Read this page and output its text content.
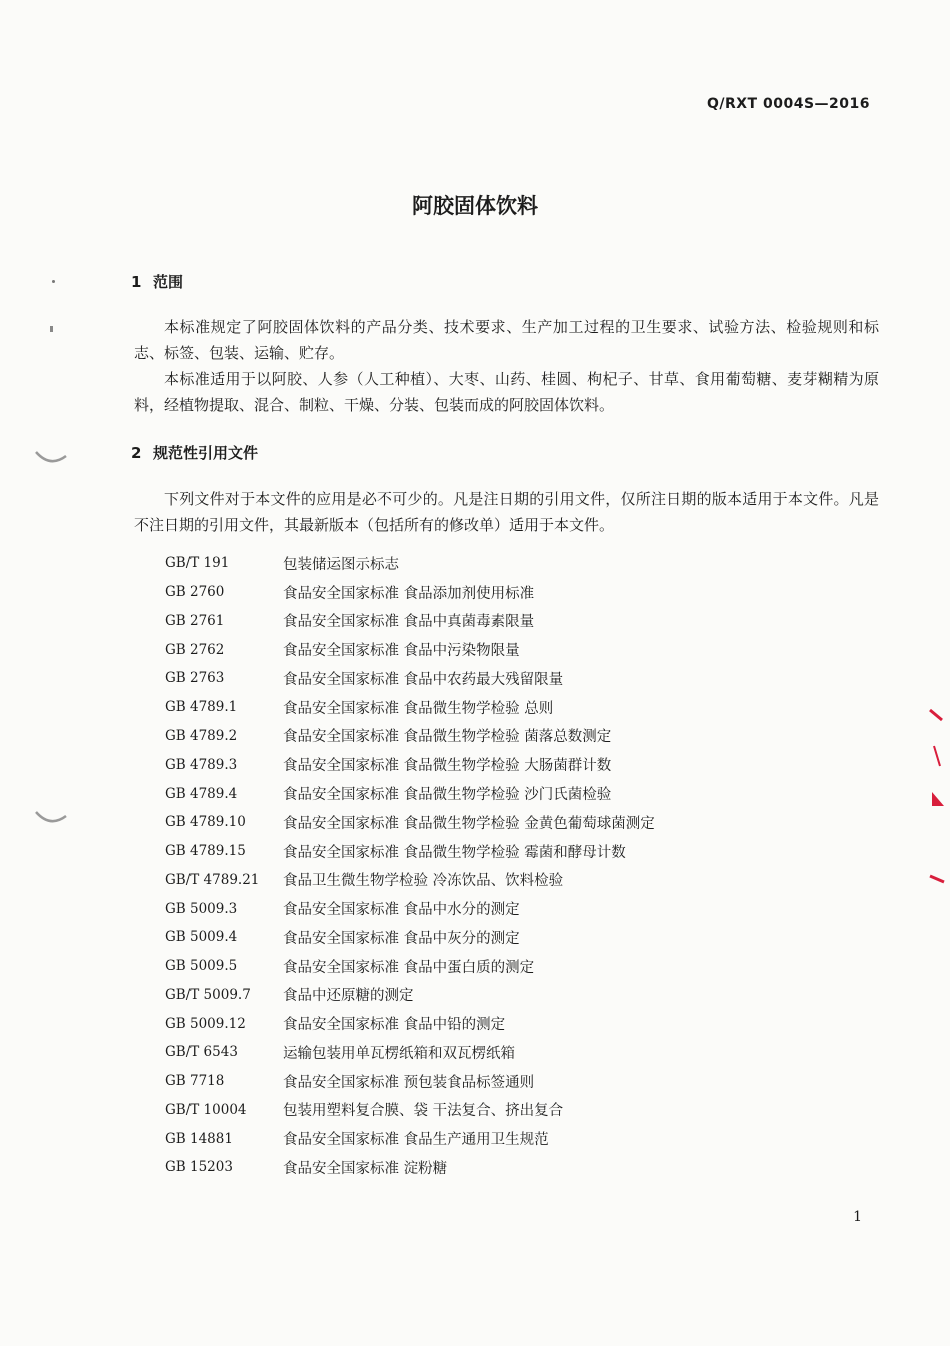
Q/RXT 0004S—2016
阿胶固体饮料
1 范围

本标准规定了阿胶固体饮料的产品分类、技术要求、生产加工过程的卫生要求、试验方法、检验规则和标志、标签、包装、运输、贮存。

本标准适用于以阿胶、人参（人工种植）、大枣、山药、桂圆、枸杞子、甘草、食用葡萄糖、麦芽糊精为原料，经植物提取、混合、制粒、干燥、分装、包装而成的阿胶固体饮料。

2 规范性引用文件

下列文件对于本文件的应用是必不可少的。凡是注日期的引用文件，仅所注日期的版本适用于本文件。凡是不注日期的引用文件，其最新版本（包括所有的修改单）适用于本文件。

GB/T 191	包装储运图示标志
GB 2760	食品安全国家标准 食品添加剂使用标准
GB 2761	食品安全国家标准 食品中真菌毒素限量
GB 2762	食品安全国家标准 食品中污染物限量
GB 2763	食品安全国家标准 食品中农药最大残留限量
GB 4789.1	食品安全国家标准 食品微生物学检验 总则
GB 4789.2	食品安全国家标准 食品微生物学检验 菌落总数测定
GB 4789.3	食品安全国家标准 食品微生物学检验 大肠菌群计数
GB 4789.4	食品安全国家标准 食品微生物学检验 沙门氏菌检验
GB 4789.10	食品安全国家标准 食品微生物学检验 金黄色葡萄球菌测定
GB 4789.15	食品安全国家标准 食品微生物学检验 霉菌和酵母计数
GB/T 4789.21	食品卫生微生物学检验 冷冻饮品、饮料检验
GB 5009.3	食品安全国家标准 食品中水分的测定
GB 5009.4	食品安全国家标准 食品中灰分的测定
GB 5009.5	食品安全国家标准 食品中蛋白质的测定
GB/T 5009.7	食品中还原糖的测定
GB 5009.12	食品安全国家标准 食品中铅的测定
GB/T 6543	运输包装用单瓦楞纸箱和双瓦楞纸箱
GB 7718	食品安全国家标准 预包装食品标签通则
GB/T 10004	包装用塑料复合膜、袋 干法复合、挤出复合
GB 14881	食品安全国家标准 食品生产通用卫生规范
GB 15203	食品安全国家标准 淀粉糖
1
